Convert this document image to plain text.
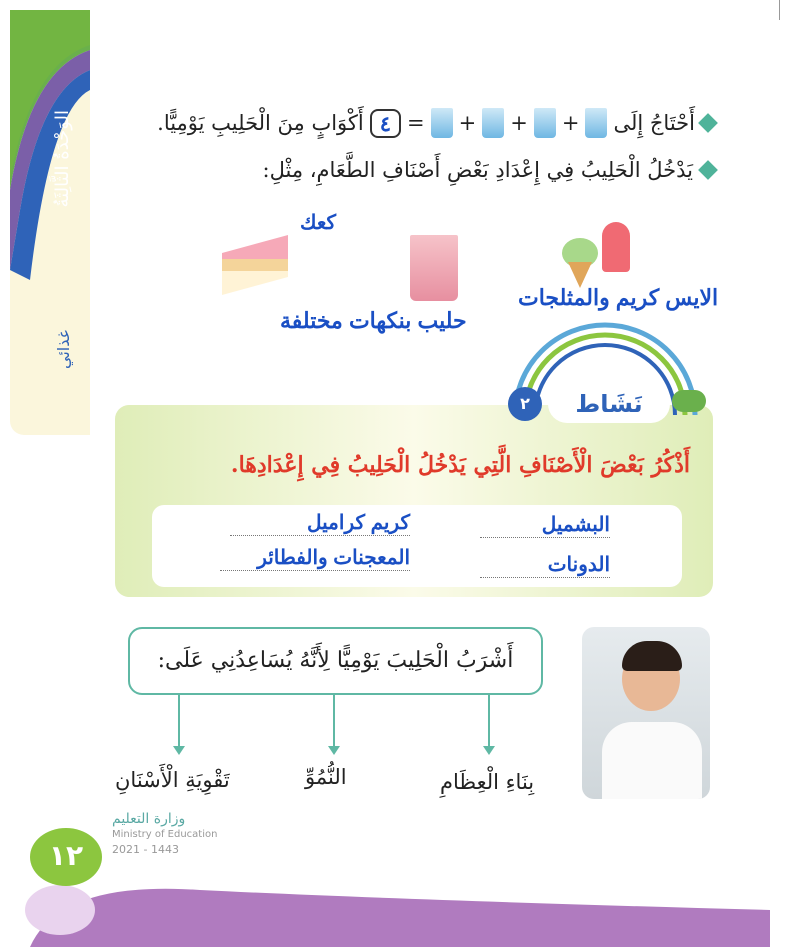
الوَحْدَةُ الثَّالِثَةُ
غذائي
أَحْتَاجُ إِلَى
+
+
+
=
٤
أَكْوَابٍ مِنَ الْحَلِيبِ يَوْمِيًّا.
يَدْخُلُ الْحَلِيبُ فِي إِعْدَادِ بَعْضِ أَصْنَافِ الطَّعَامِ، مِثْلِ:
كعك
حليب بنكهات مختلفة
الايس كريم والمثلجات
نَشَاط
٢
أَذْكُرُ بَعْضَ الْأَصْنَافِ الَّتِي يَدْخُلُ الْحَلِيبُ فِي إِعْدَادِهَا.
البشميل
كريم كراميل
الدونات
المعجنات والفطائر
أَشْرَبُ الْحَلِيبَ يَوْمِيًّا لِأَنَّهُ يُسَاعِدُنِي عَلَى:
بِنَاءِ الْعِظَامِ
النُّمُوِّ
تَقْوِيَةِ الْأَسْنَانِ
١٢
وزارة التعليم
Ministry of Education
2021 - 1443
